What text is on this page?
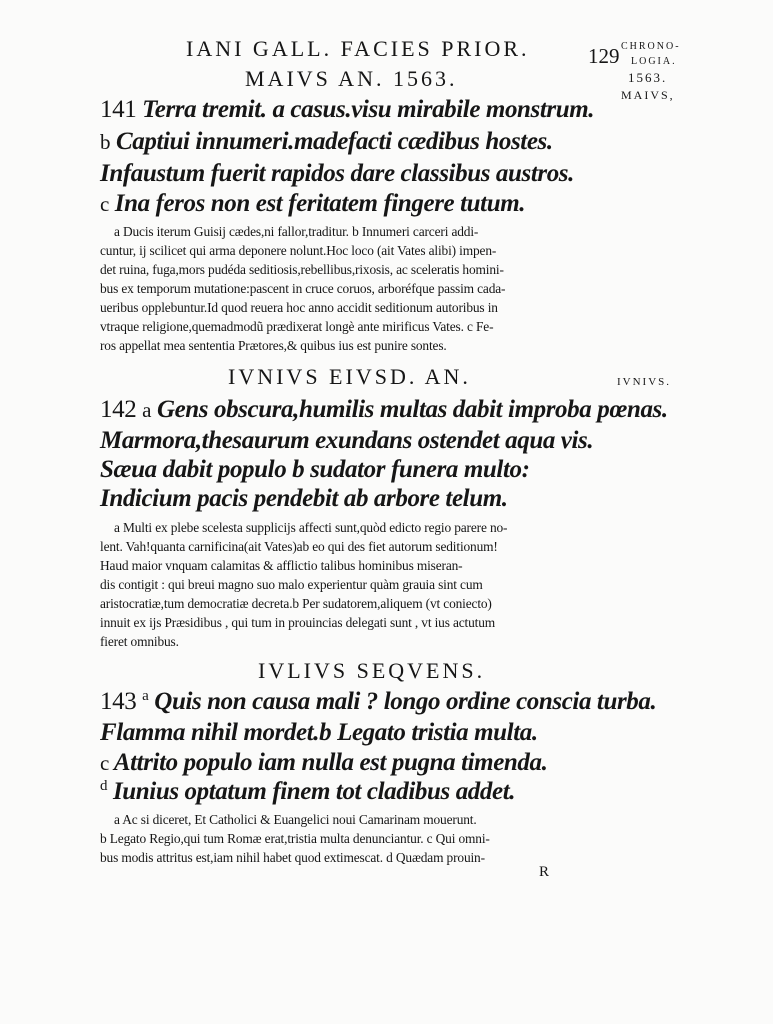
IANI GALL. FACIES PRIOR.	129 CHRONO-
LOGIA.
1563.
MAIVS,
MAIVS AN. 1563.
141 Terra tremit. a casus.visu mirabile monstrum.
b Captiui innumeri.madefacti cædibus hostes.
Infaustum fuerit rapidos dare classibus austros.
c Ina feros non est feritatem fingere tutum.
a Ducis iterum Guisij cædes,ni fallor,traditur. b Innumeri carceri addi-
cuntur, ij scilicet qui arma deponere nolunt.Hoc loco (ait Vates alibi) impen-
det ruina, fuga,mors pudéda seditiosis,rebellibus,rixosis, ac sceleratis homini-
bus ex temporum mutatione:pascent in cruce coruos, arboréfque passim cada-
ueribus opplebuntur.Id quod reuera hoc anno accidit seditionum autoribus in
vtraque religione,quemadmodũ prædixerat longè ante mirificus Vates. c Fe-
ros appellat mea sententia Prætores,& quibus ius est punire sontes.
IVNIVS EIVSD. AN.	IVNIVS.
142 a Gens obscura,humilis multas dabit improba pœnas.
Marmora,thesaurum exundans ostendet aqua vis.
Sæua dabit populo b sudator funera multo:
Indicium pacis pendebit ab arbore telum.
a Multi ex plebe scelesta supplicijs affecti sunt,quòd edicto regio parere no-
lent. Vah!quanta carnificina(ait Vates)ab eo qui des fiet autorum seditionum!
Haud maior vnquam calamitas & afflictio talibus hominibus miseran-
dis contigit : qui breui magno suo malo experientur quàm grauia sint cum
aristocratiæ,tum democratiæ decreta.b Per sudatorem,aliquem (vt coniecto)
innuit ex ijs Præsidibus , qui tum in prouincias delegati sunt , vt ius actutum
fieret omnibus.
IVLIVS SEQVENS.
143 $^a$ Quis non causa mali ? longo ordine conscia turba.
Flamma nihil mordet.b Legato tristia multa.
c Attrito populo iam nulla est pugna timenda.
$^d$ Iunius optatum finem tot cladibus addet.
a Ac si diceret, Et Catholici & Euangelici noui Camarinam mouerunt.
b Legato Regio,qui tum Romæ erat,tristia multa denunciantur. c Qui omni-
bus modis attritus est,iam nihil habet quod extimescat. d Quædam prouin-
R
